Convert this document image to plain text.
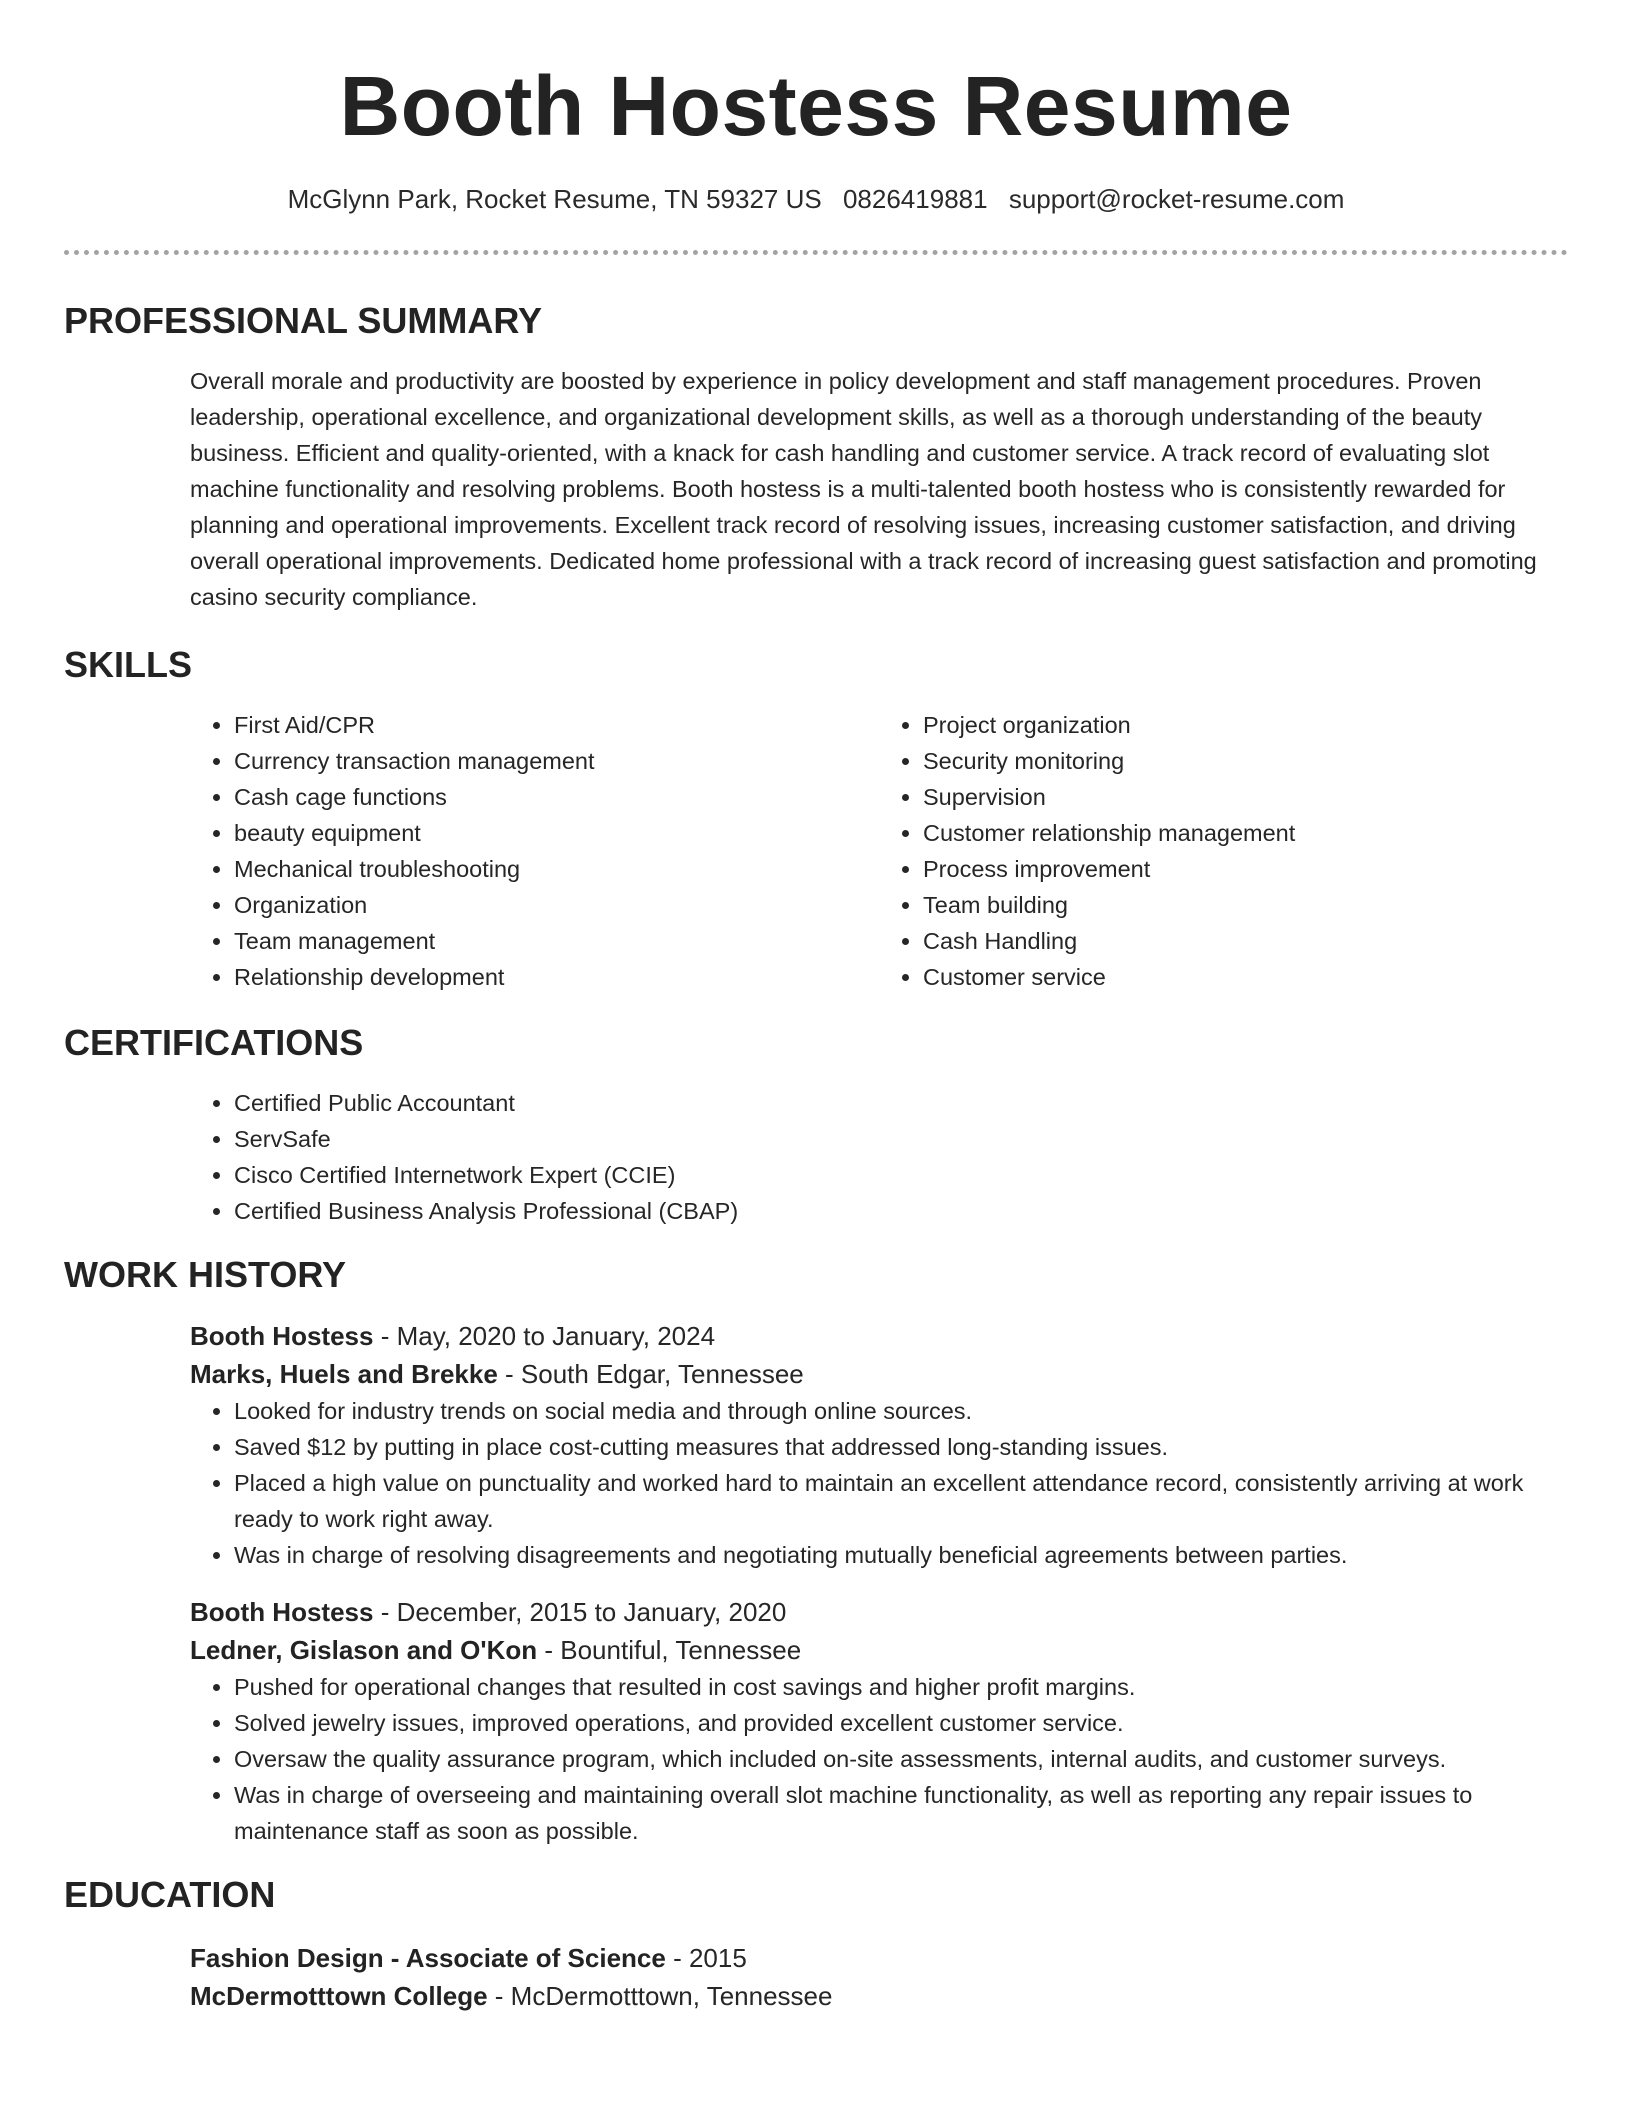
Booth Hostess Resume
McGlynn Park, Rocket Resume, TN 59327 US 0826419881 support@rocket-resume.com
PROFESSIONAL SUMMARY
Overall morale and productivity are boosted by experience in policy development and staff management procedures. Proven leadership, operational excellence, and organizational development skills, as well as a thorough understanding of the beauty business. Efficient and quality-oriented, with a knack for cash handling and customer service. A track record of evaluating slot machine functionality and resolving problems. Booth hostess is a multi-talented booth hostess who is consistently rewarded for planning and operational improvements. Excellent track record of resolving issues, increasing customer satisfaction, and driving overall operational improvements. Dedicated home professional with a track record of increasing guest satisfaction and promoting casino security compliance.
SKILLS
• First Aid/CPR
• Currency transaction management
• Cash cage functions
• beauty equipment
• Mechanical troubleshooting
• Organization
• Team management
• Relationship development
• Project organization
• Security monitoring
• Supervision
• Customer relationship management
• Process improvement
• Team building
• Cash Handling
• Customer service
CERTIFICATIONS
• Certified Public Accountant
• ServSafe
• Cisco Certified Internetwork Expert (CCIE)
• Certified Business Analysis Professional (CBAP)
WORK HISTORY
Booth Hostess - May, 2020 to January, 2024
Marks, Huels and Brekke - South Edgar, Tennessee
• Looked for industry trends on social media and through online sources.
• Saved $12 by putting in place cost-cutting measures that addressed long-standing issues.
• Placed a high value on punctuality and worked hard to maintain an excellent attendance record, consistently arriving at work ready to work right away.
• Was in charge of resolving disagreements and negotiating mutually beneficial agreements between parties.
Booth Hostess - December, 2015 to January, 2020
Ledner, Gislason and O'Kon - Bountiful, Tennessee
• Pushed for operational changes that resulted in cost savings and higher profit margins.
• Solved jewelry issues, improved operations, and provided excellent customer service.
• Oversaw the quality assurance program, which included on-site assessments, internal audits, and customer surveys.
• Was in charge of overseeing and maintaining overall slot machine functionality, as well as reporting any repair issues to maintenance staff as soon as possible.
EDUCATION
Fashion Design - Associate of Science - 2015
McDermotttown College - McDermotttown, Tennessee
